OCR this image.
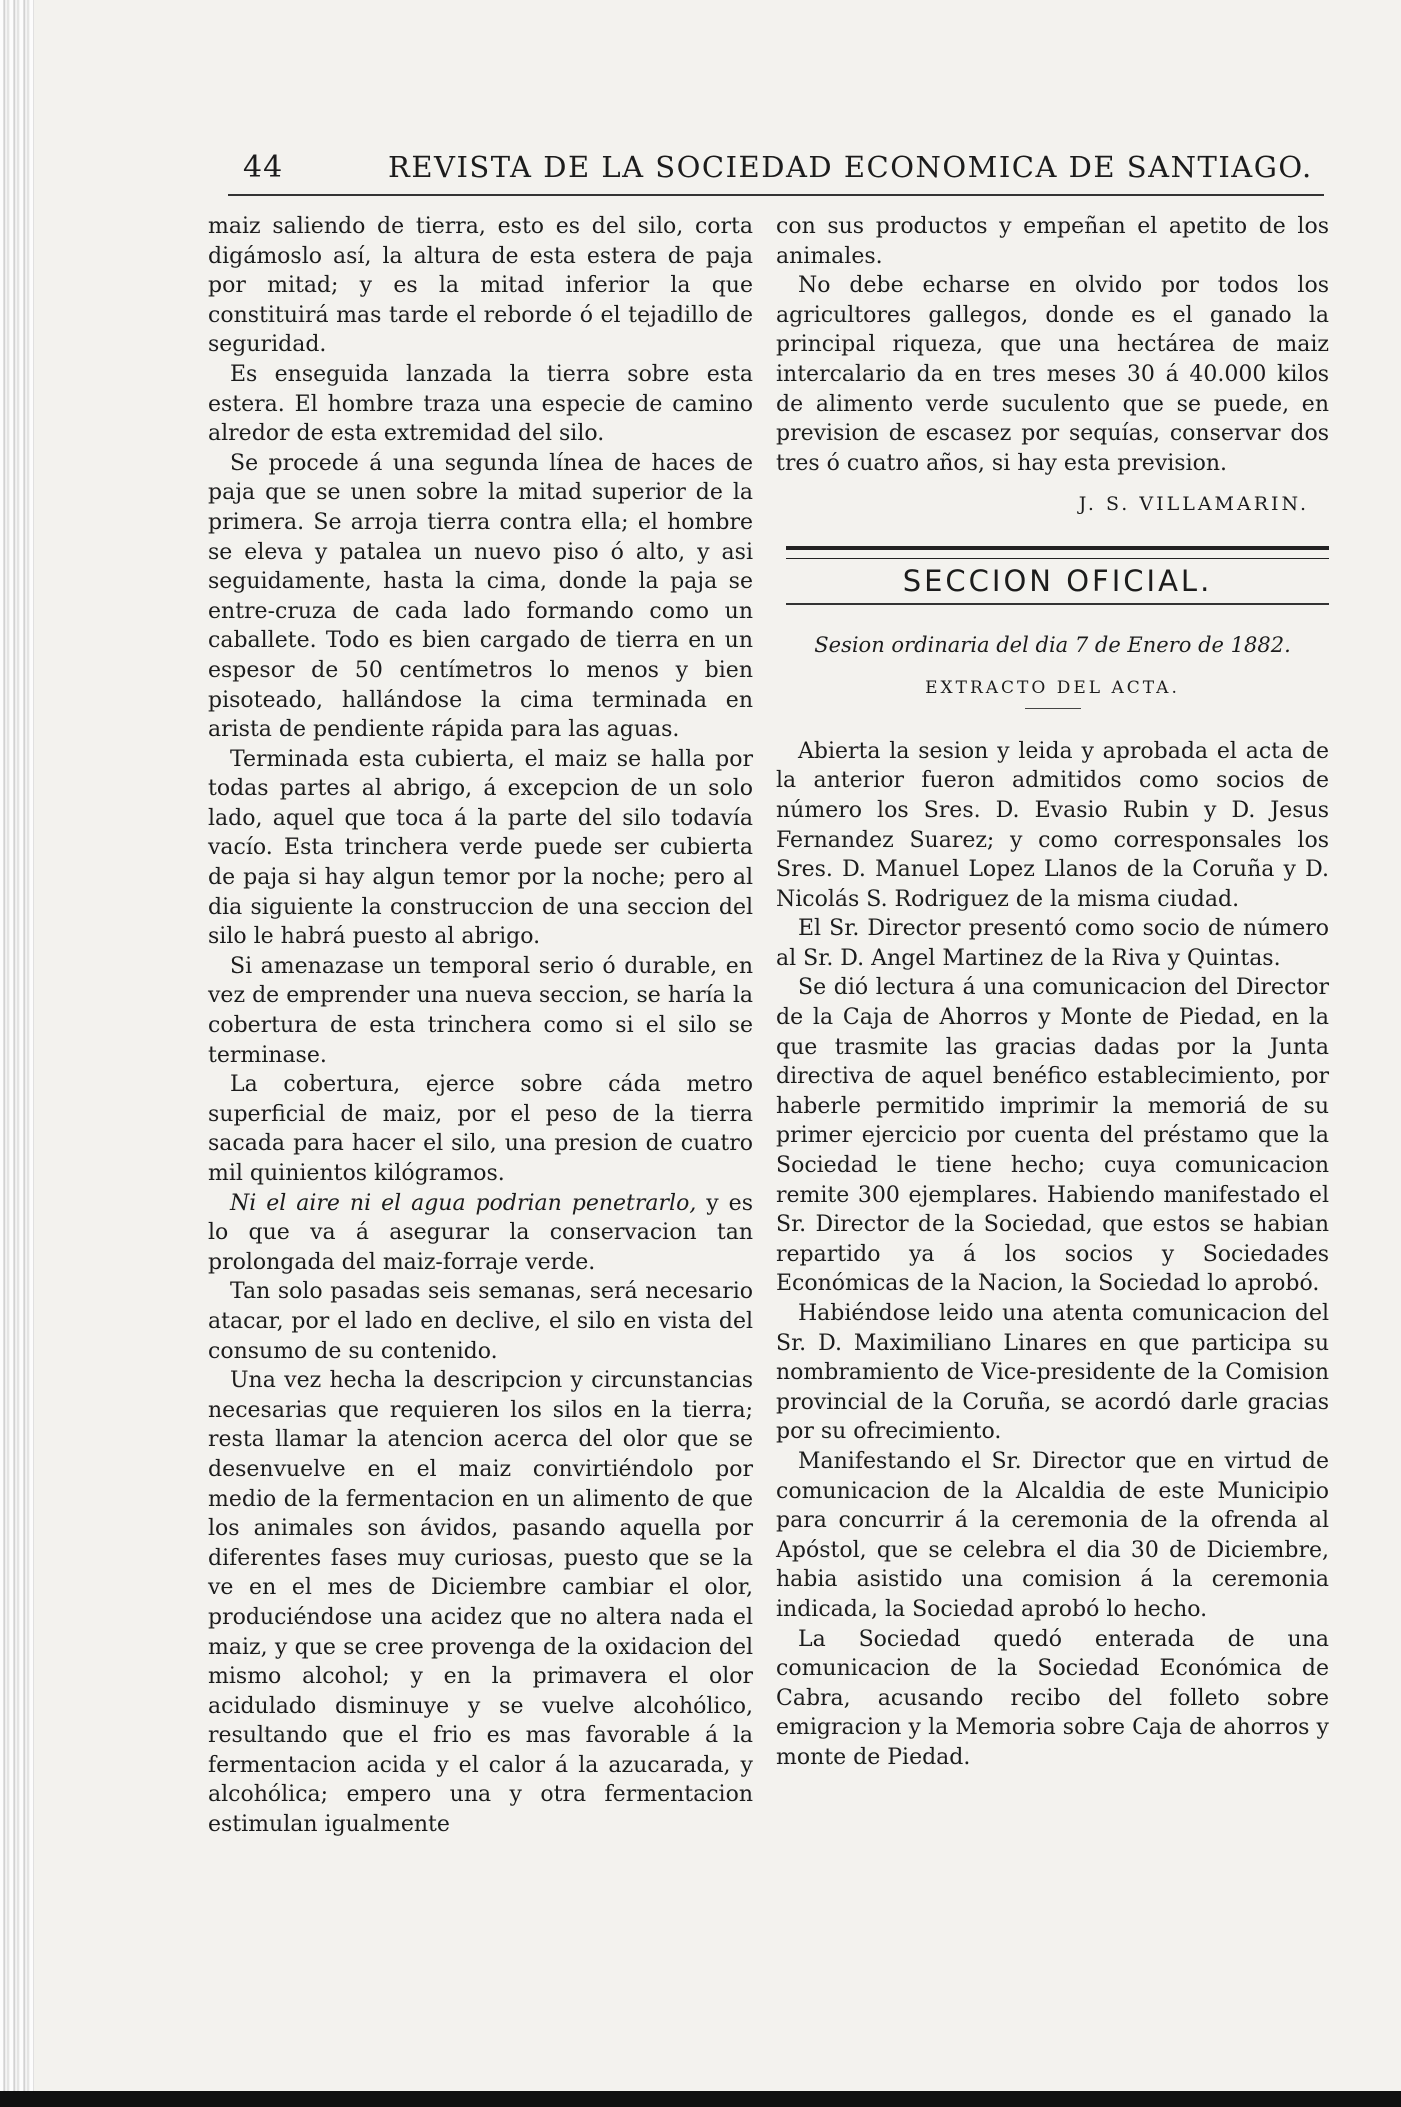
44	REVISTA DE LA SOCIEDAD ECONOMICA DE SANTIAGO.

maiz saliendo de tierra, esto es del silo, corta digámoslo así, la altura de esta estera de paja por mitad; y es la mitad inferior la que constituirá mas tarde el reborde ó el tejadillo de seguridad.

Es enseguida lanzada la tierra sobre esta estera. El hombre traza una especie de camino alredor de esta extremidad del silo.

Se procede á una segunda línea de haces de paja que se unen sobre la mitad superior de la primera. Se arroja tierra contra ella; el hombre se eleva y patalea un nuevo piso ó alto, y asi seguidamente, hasta la cima, donde la paja se entre-cruza de cada lado formando como un caballete. Todo es bien cargado de tierra en un espesor de 50 centímetros lo menos y bien pisoteado, hallándose la cima terminada en arista de pendiente rápida para las aguas.

Terminada esta cubierta, el maiz se halla por todas partes al abrigo, á excepcion de un solo lado, aquel que toca á la parte del silo todavía vacío. Esta trinchera verde puede ser cubierta de paja si hay algun temor por la noche; pero al dia siguiente la construccion de una seccion del silo le habrá puesto al abrigo.

Si amenazase un temporal serio ó durable, en vez de emprender una nueva seccion, se haría la cobertura de esta trinchera como si el silo se terminase.

La cobertura, ejerce sobre cáda metro superficial de maiz, por el peso de la tierra sacada para hacer el silo, una presion de cuatro mil quinientos kilógramos.

Ni el aire ni el agua podrian penetrarlo, y es lo que va á asegurar la conservacion tan prolongada del maiz-forraje verde.

Tan solo pasadas seis semanas, será necesario atacar, por el lado en declive, el silo en vista del consumo de su contenido.

Una vez hecha la descripcion y circunstancias necesarias que requieren los silos en la tierra; resta llamar la atencion acerca del olor que se desenvuelve en el maiz convirtiéndolo por medio de la fermentacion en un alimento de que los animales son ávidos, pasando aquella por diferentes fases muy curiosas, puesto que se la ve en el mes de Diciembre cambiar el olor, produciéndose una acidez que no altera nada el maiz, y que se cree provenga de la oxidacion del mismo alcohol; y en la primavera el olor acidulado disminuye y se vuelve alcohólico, resultando que el frio es mas favorable á la fermentacion acida y el calor á la azucarada, y alcohólica; empero una y otra fermentacion estimulan igualmente

con sus productos y empeñan el apetito de los animales.

No debe echarse en olvido por todos los agricultores gallegos, donde es el ganado la principal riqueza, que una hectárea de maiz intercalario da en tres meses 30 á 40.000 kilos de alimento verde suculento que se puede, en prevision de escasez por sequías, conservar dos tres ó cuatro años, si hay esta prevision.

J. S. VILLAMARIN.
SECCION OFICIAL.
Sesion ordinaria del dia 7 de Enero de 1882.
EXTRACTO DEL ACTA.

Abierta la sesion y leida y aprobada el acta de la anterior fueron admitidos como socios de número los Sres. D. Evasio Rubin y D. Jesus Fernandez Suarez; y como corresponsales los Sres. D. Manuel Lopez Llanos de la Coruña y D. Nicolás S. Rodriguez de la misma ciudad.

El Sr. Director presentó como socio de número al Sr. D. Angel Martinez de la Riva y Quintas.

Se dió lectura á una comunicacion del Director de la Caja de Ahorros y Monte de Piedad, en la que trasmite las gracias dadas por la Junta directiva de aquel benéfico establecimiento, por haberle permitido imprimir la memoriá de su primer ejercicio por cuenta del préstamo que la Sociedad le tiene hecho; cuya comunicacion remite 300 ejemplares. Habiendo manifestado el Sr. Director de la Sociedad, que estos se habian repartido ya á los socios y Sociedades Económicas de la Nacion, la Sociedad lo aprobó.

Habiéndose leido una atenta comunicacion del Sr. D. Maximiliano Linares en que participa su nombramiento de Vice-presidente de la Comision provincial de la Coruña, se acordó darle gracias por su ofrecimiento.

Manifestando el Sr. Director que en virtud de comunicacion de la Alcaldia de este Municipio para concurrir á la ceremonia de la ofrenda al Apóstol, que se celebra el dia 30 de Diciembre, habia asistido una comision á la ceremonia indicada, la Sociedad aprobó lo hecho.

La Sociedad quedó enterada de una comunicacion de la Sociedad Económica de Cabra, acusando recibo del folleto sobre emigracion y la Memoria sobre Caja de ahorros y monte de Piedad.
